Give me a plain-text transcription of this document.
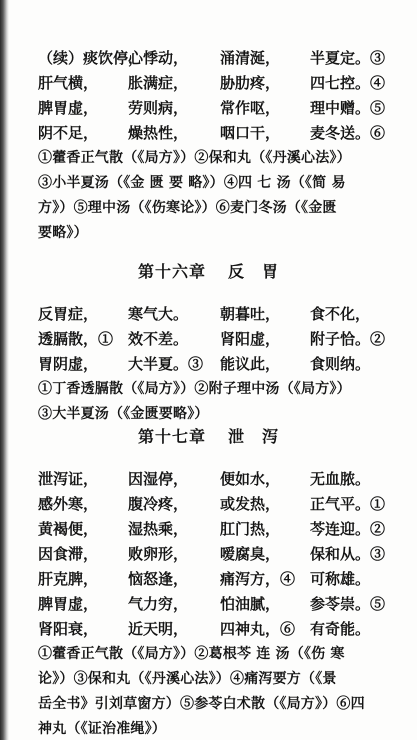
（续）痰饮停，
心悸动， 涌清涎， 半夏定。③
肝气横， 胀满症， 胁肋疼， 四七控。④
脾胃虚， 劳则病， 常作呕， 理中赠。⑤
阴不足， 燥热性， 咽口干， 麦冬送。⑥
①藿香正气散（《局方》）②保和丸（《丹溪心法》）
③小半夏汤（《金 匮 要 略》）④四 七 汤（《简 易
方》）⑤理中汤（《伤寒论》）⑥麦门冬汤（《金匮
要略》）
第十六章 反　胃
反胃症， 寒气大。 朝暮吐， 食不化，
透膈散，① 效不差。 肾阳虚， 附子恰。②
胃阴虚， 大半夏。③ 能议此， 食则纳。
①丁香透膈散（《局方》）②附子理中汤（《局方》）
③大半夏汤（《金匮要略》）
第十七章 泄　泻
泄泻证， 因湿停， 便如水， 无血脓。
感外寒， 腹冷疼， 或发热， 正气平。①
黄褐便， 湿热乘， 肛门热， 芩连迎。②
因食滞， 败卵形， 嗳腐臭， 保和从。③
肝克脾， 恼怒逢， 痛泻方，④ 可称雄。
脾胃虚， 气力穷， 怕油腻， 参苓崇。⑤
肾阳衰， 近天明， 四神丸，⑥ 有奇能。
①藿香正气散（《局方》）②葛根芩 连 汤（《伤 寒
论》）③保和丸（《丹溪心法》）④痛泻要方（《景
岳全书》引刘草窗方）⑤参苓白术散（《局方》）⑥四
神丸（《证治准绳》）
